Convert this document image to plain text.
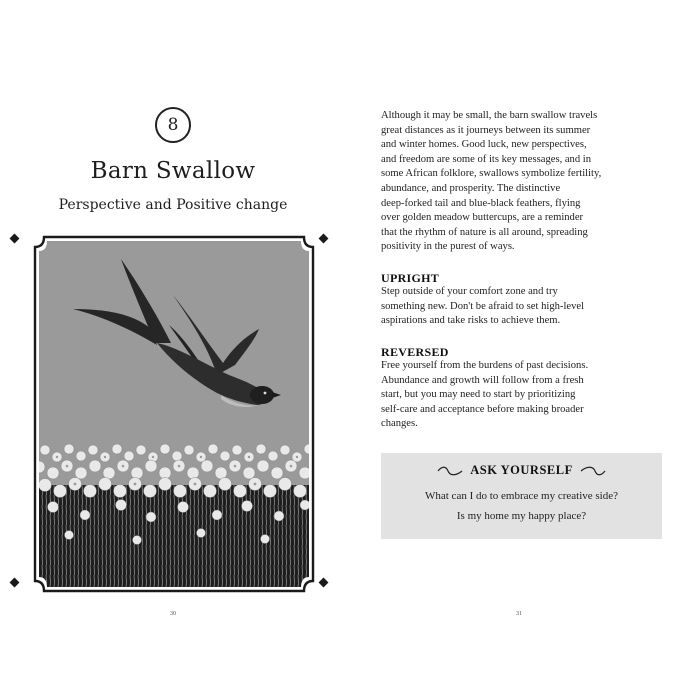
8
Barn Swallow
Perspective and Positive change
30
Although it may be small, the barn swallow travels
great distances as it journeys between its summer
and winter homes. Good luck, new perspectives,
and freedom are some of its key messages, and in
some African folklore, swallows symbolize fertility,
abundance, and prosperity. The distinctive
deep-forked tail and blue-black feathers, flying
over golden meadow buttercups, are a reminder
that the rhythm of nature is all around, spreading
positivity in the purest of ways.
UPRIGHT
Step outside of your comfort zone and try
something new. Don't be afraid to set high-level
aspirations and take risks to achieve them.
REVERSED
Free yourself from the burdens of past decisions.
Abundance and growth will follow from a fresh
start, but you may need to start by prioritizing
self-care and acceptance before making broader
changes.
ASK YOURSELF
What can I do to embrace my creative side?
Is my home my happy place?
31
